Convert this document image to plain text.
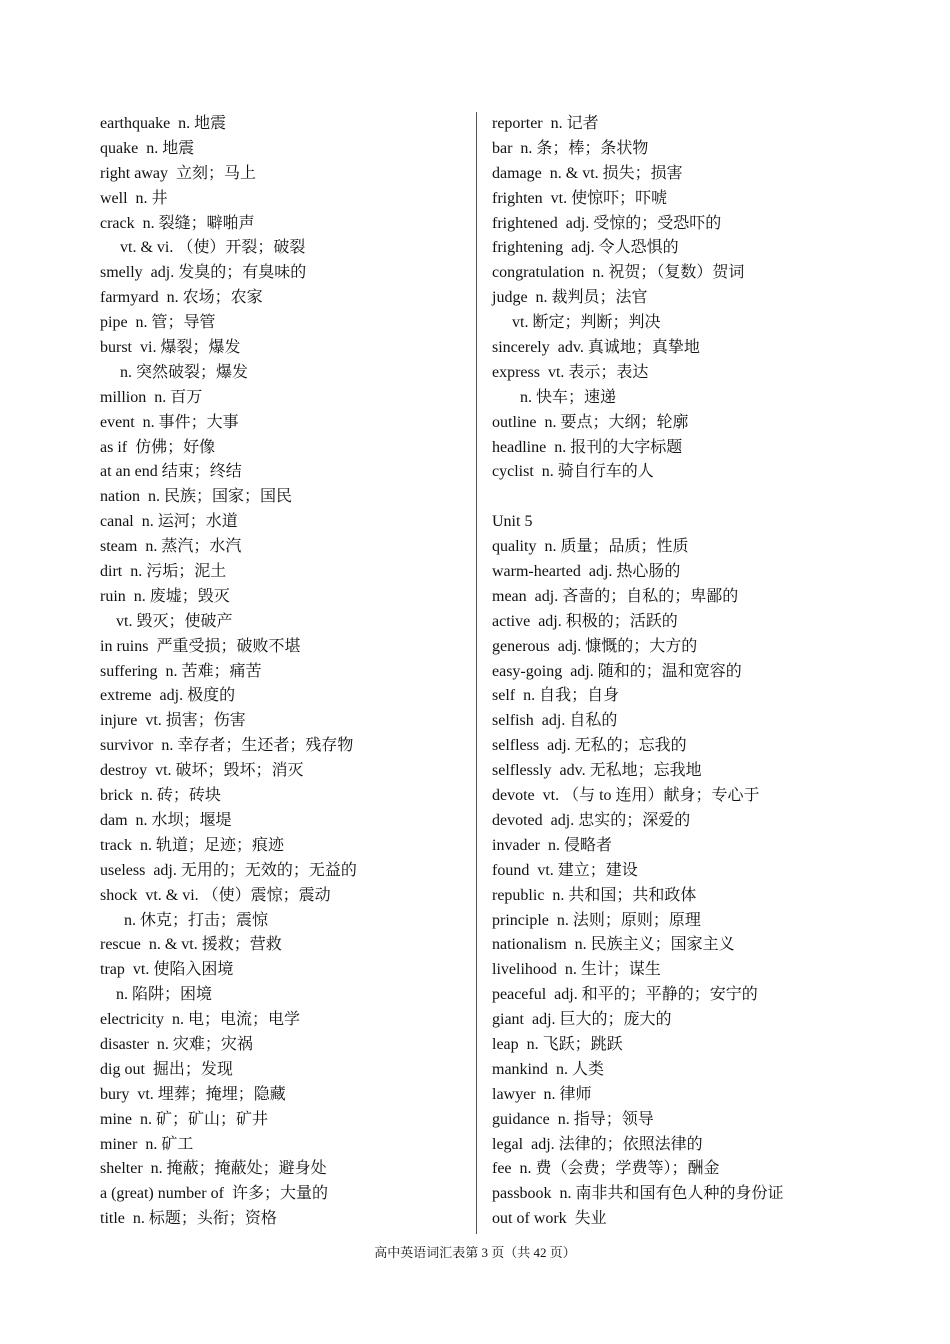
earthquake  n. 地震
quake  n. 地震
right away  立刻；马上
well  n. 井
crack  n. 裂缝；噼啪声
vt. & vi. （使）开裂；破裂
smelly  adj. 发臭的；有臭味的
farmyard  n. 农场；农家
pipe  n. 管；导管
burst  vi. 爆裂；爆发
n. 突然破裂；爆发
million  n. 百万
event  n. 事件；大事
as if  仿佛；好像
at an end 结束；终结
nation  n. 民族；国家；国民
canal  n. 运河；水道
steam  n. 蒸汽；水汽
dirt  n. 污垢；泥土
ruin  n. 废墟；毁灭
vt. 毁灭；使破产
in ruins  严重受损；破败不堪
suffering  n. 苦难；痛苦
extreme  adj. 极度的
injure  vt. 损害；伤害
survivor  n. 幸存者；生还者；残存物
destroy  vt. 破坏；毁坏；消灭
brick  n. 砖；砖块
dam  n. 水坝；堰堤
track  n. 轨道；足迹；痕迹
useless  adj. 无用的；无效的；无益的
shock  vt. & vi. （使）震惊；震动
n. 休克；打击；震惊
rescue  n. & vt. 援救；营救
trap  vt. 使陷入困境
n. 陷阱；困境
electricity  n. 电；电流；电学
disaster  n. 灾难；灾祸
dig out  掘出；发现
bury  vt. 埋葬；掩埋；隐藏
mine  n. 矿；矿山；矿井
miner  n. 矿工
shelter  n. 掩蔽；掩蔽处；避身处
a (great) number of  许多；大量的
title  n. 标题；头衔；资格
reporter  n. 记者
bar  n. 条；棒；条状物
damage  n. & vt. 损失；损害
frighten  vt. 使惊吓；吓唬
frightened  adj. 受惊的；受恐吓的
frightening  adj. 令人恐惧的
congratulation  n. 祝贺；（复数）贺词
judge  n. 裁判员；法官
vt. 断定；判断；判决
sincerely  adv. 真诚地；真挚地
express  vt. 表示；表达
n. 快车；速递
outline  n. 要点；大纲；轮廓
headline  n. 报刊的大字标题
cyclist  n. 骑自行车的人
Unit 5
quality  n. 质量；品质；性质
warm-hearted  adj. 热心肠的
mean  adj. 吝啬的；自私的；卑鄙的
active  adj. 积极的；活跃的
generous  adj. 慷慨的；大方的
easy-going  adj. 随和的；温和宽容的
self  n. 自我；自身
selfish  adj. 自私的
selfless  adj. 无私的；忘我的
selflessly  adv. 无私地；忘我地
devote  vt. （与 to 连用）献身；专心于
devoted  adj. 忠实的；深爱的
invader  n. 侵略者
found  vt. 建立；建设
republic  n. 共和国；共和政体
principle  n. 法则；原则；原理
nationalism  n. 民族主义；国家主义
livelihood  n. 生计；谋生
peaceful  adj. 和平的；平静的；安宁的
giant  adj. 巨大的；庞大的
leap  n. 飞跃；跳跃
mankind  n. 人类
lawyer  n. 律师
guidance  n. 指导；领导
legal  adj. 法律的；依照法律的
fee  n. 费（会费；学费等）；酬金
passbook  n. 南非共和国有色人种的身份证
out of work  失业
高中英语词汇表第 3 页（共 42 页）
